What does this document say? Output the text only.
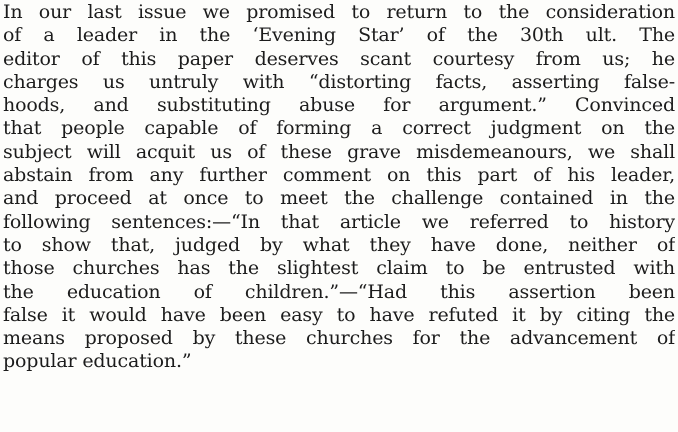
In our last issue we promised to return to the consideration
of a leader in the ‘Evening Star’ of the 30th ult. The
editor of this paper deserves scant courtesy from us; he
charges us untruly with “distorting facts, asserting false-
hoods, and substituting abuse for argument.” Convinced
that people capable of forming a correct judgment on the
subject will acquit us of these grave misdemeanours, we shall
abstain from any further comment on this part of his leader,
and proceed at once to meet the challenge contained in the
following sentences:—“In that article we referred to history
to show that, judged by what they have done, neither of
those churches has the slightest claim to be entrusted with
the education of children.”—“Had this assertion been
false it would have been easy to have refuted it by citing the
means proposed by these churches for the advancement of
popular education.”
